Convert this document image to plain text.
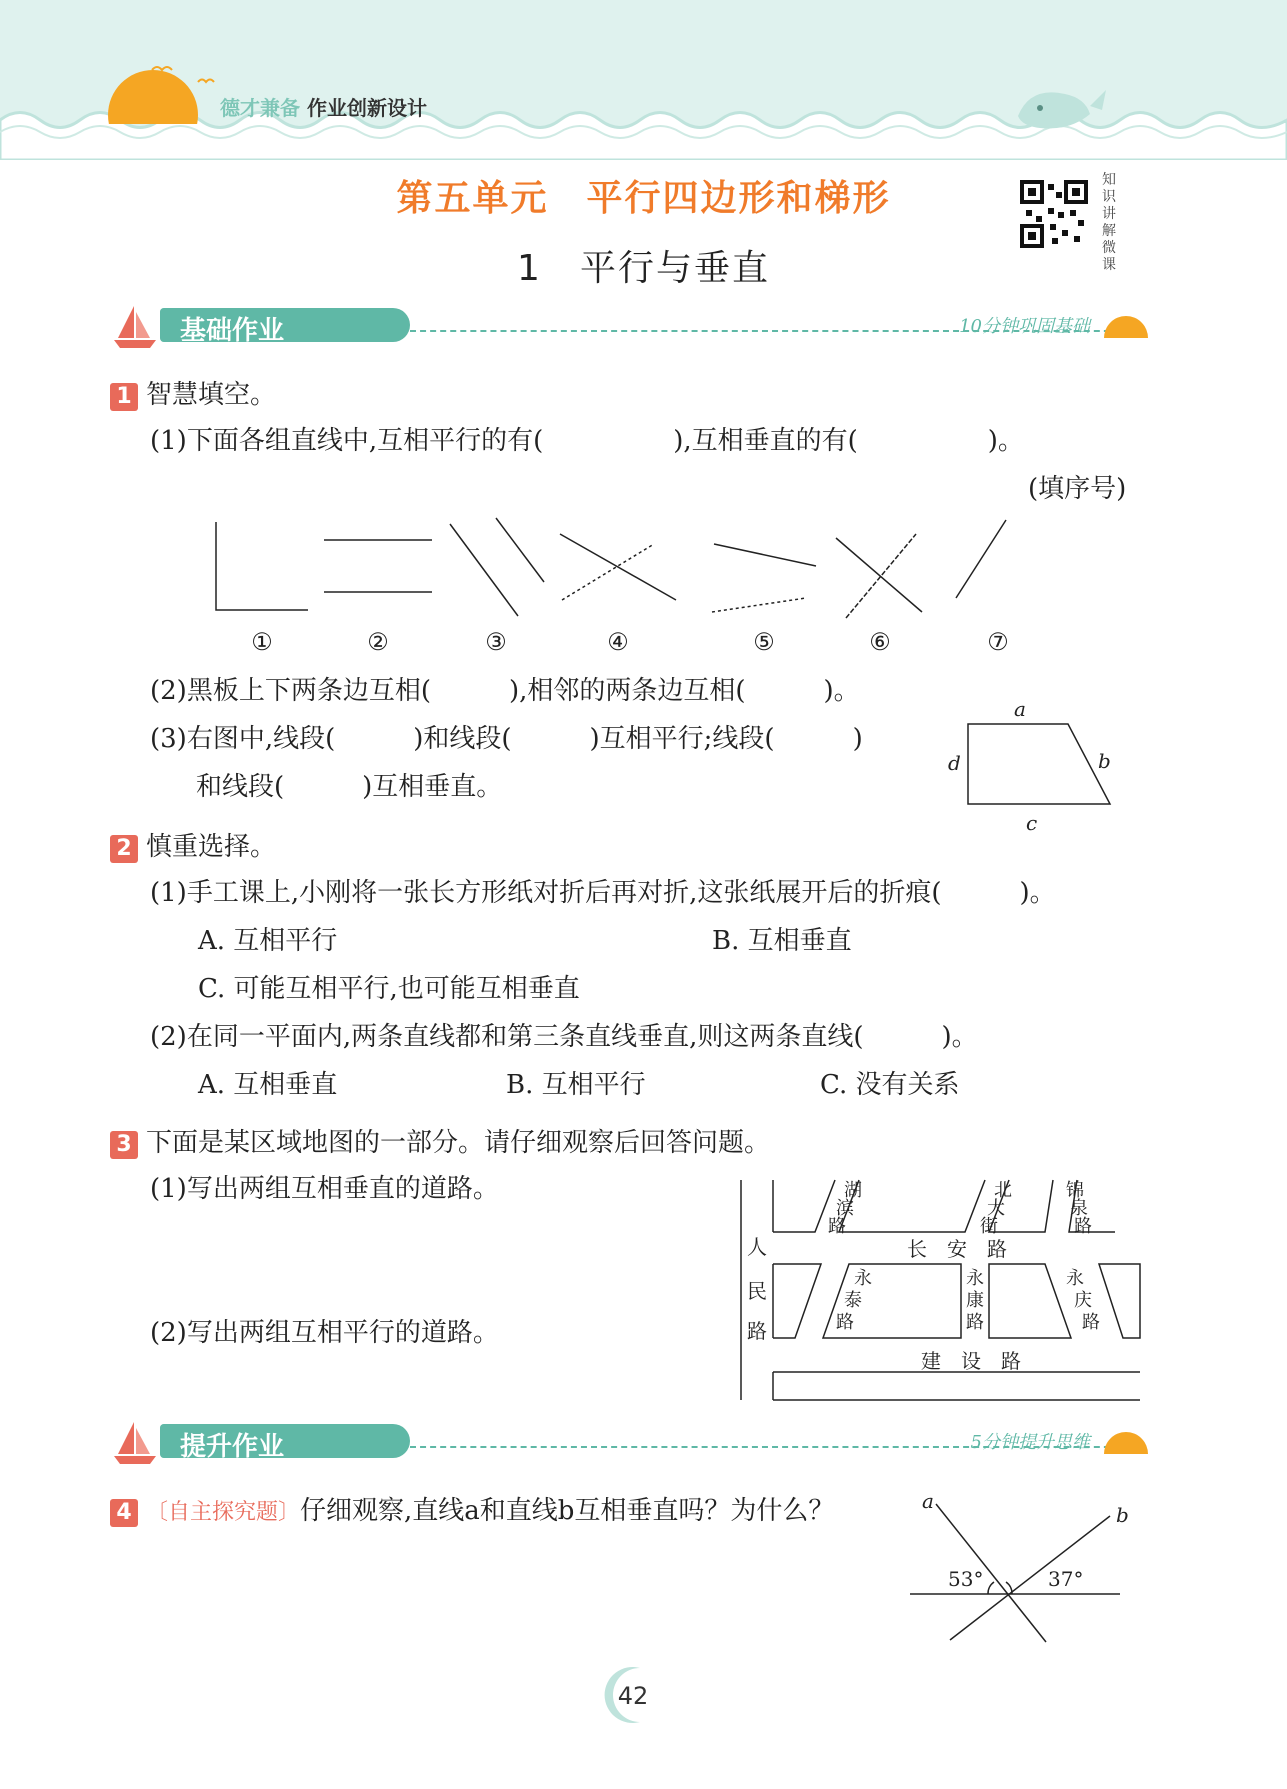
德才兼备 作业创新设计
第五单元　平行四边形和梯形
1　平行与垂直
知识讲解微课
基础作业	10分钟巩固基础
1 智慧填空。
(1)下面各组直线中,互相平行的有(　　　　　),互相垂直的有(　　　　　)。
(填序号)
①	②	③	④	⑤	⑥	⑦
(2)黑板上下两条边互相(　　　),相邻的两条边互相(　　　)。
(3)右图中,线段(　　　)和线段(　　　)互相平行;线段(　　　)
和线段(　　　)互相垂直。
a
b
c
d
2 慎重选择。
(1)手工课上,小刚将一张长方形纸对折后再对折,这张纸展开后的折痕(　　　)。
A. 互相平行	B. 互相垂直
C. 可能互相平行,也可能互相垂直
(2)在同一平面内,两条直线都和第三条直线垂直,则这两条直线(　　　)。
A. 互相垂直	B. 互相平行	C. 没有关系
3 下面是某区域地图的一部分。请仔细观察后回答问题。
(1)写出两组互相垂直的道路。
(2)写出两组互相平行的道路。
人
民
路
长　安　路
建　设　路
湖
滨
路
北
大
街
锦
泉
路
永
泰
路
永
康
路
永
庆
路
提升作业	5分钟提升思维
4 〔自主探究题〕仔细观察,直线a和直线b互相垂直吗？为什么？	a
b
53°	37°
42
